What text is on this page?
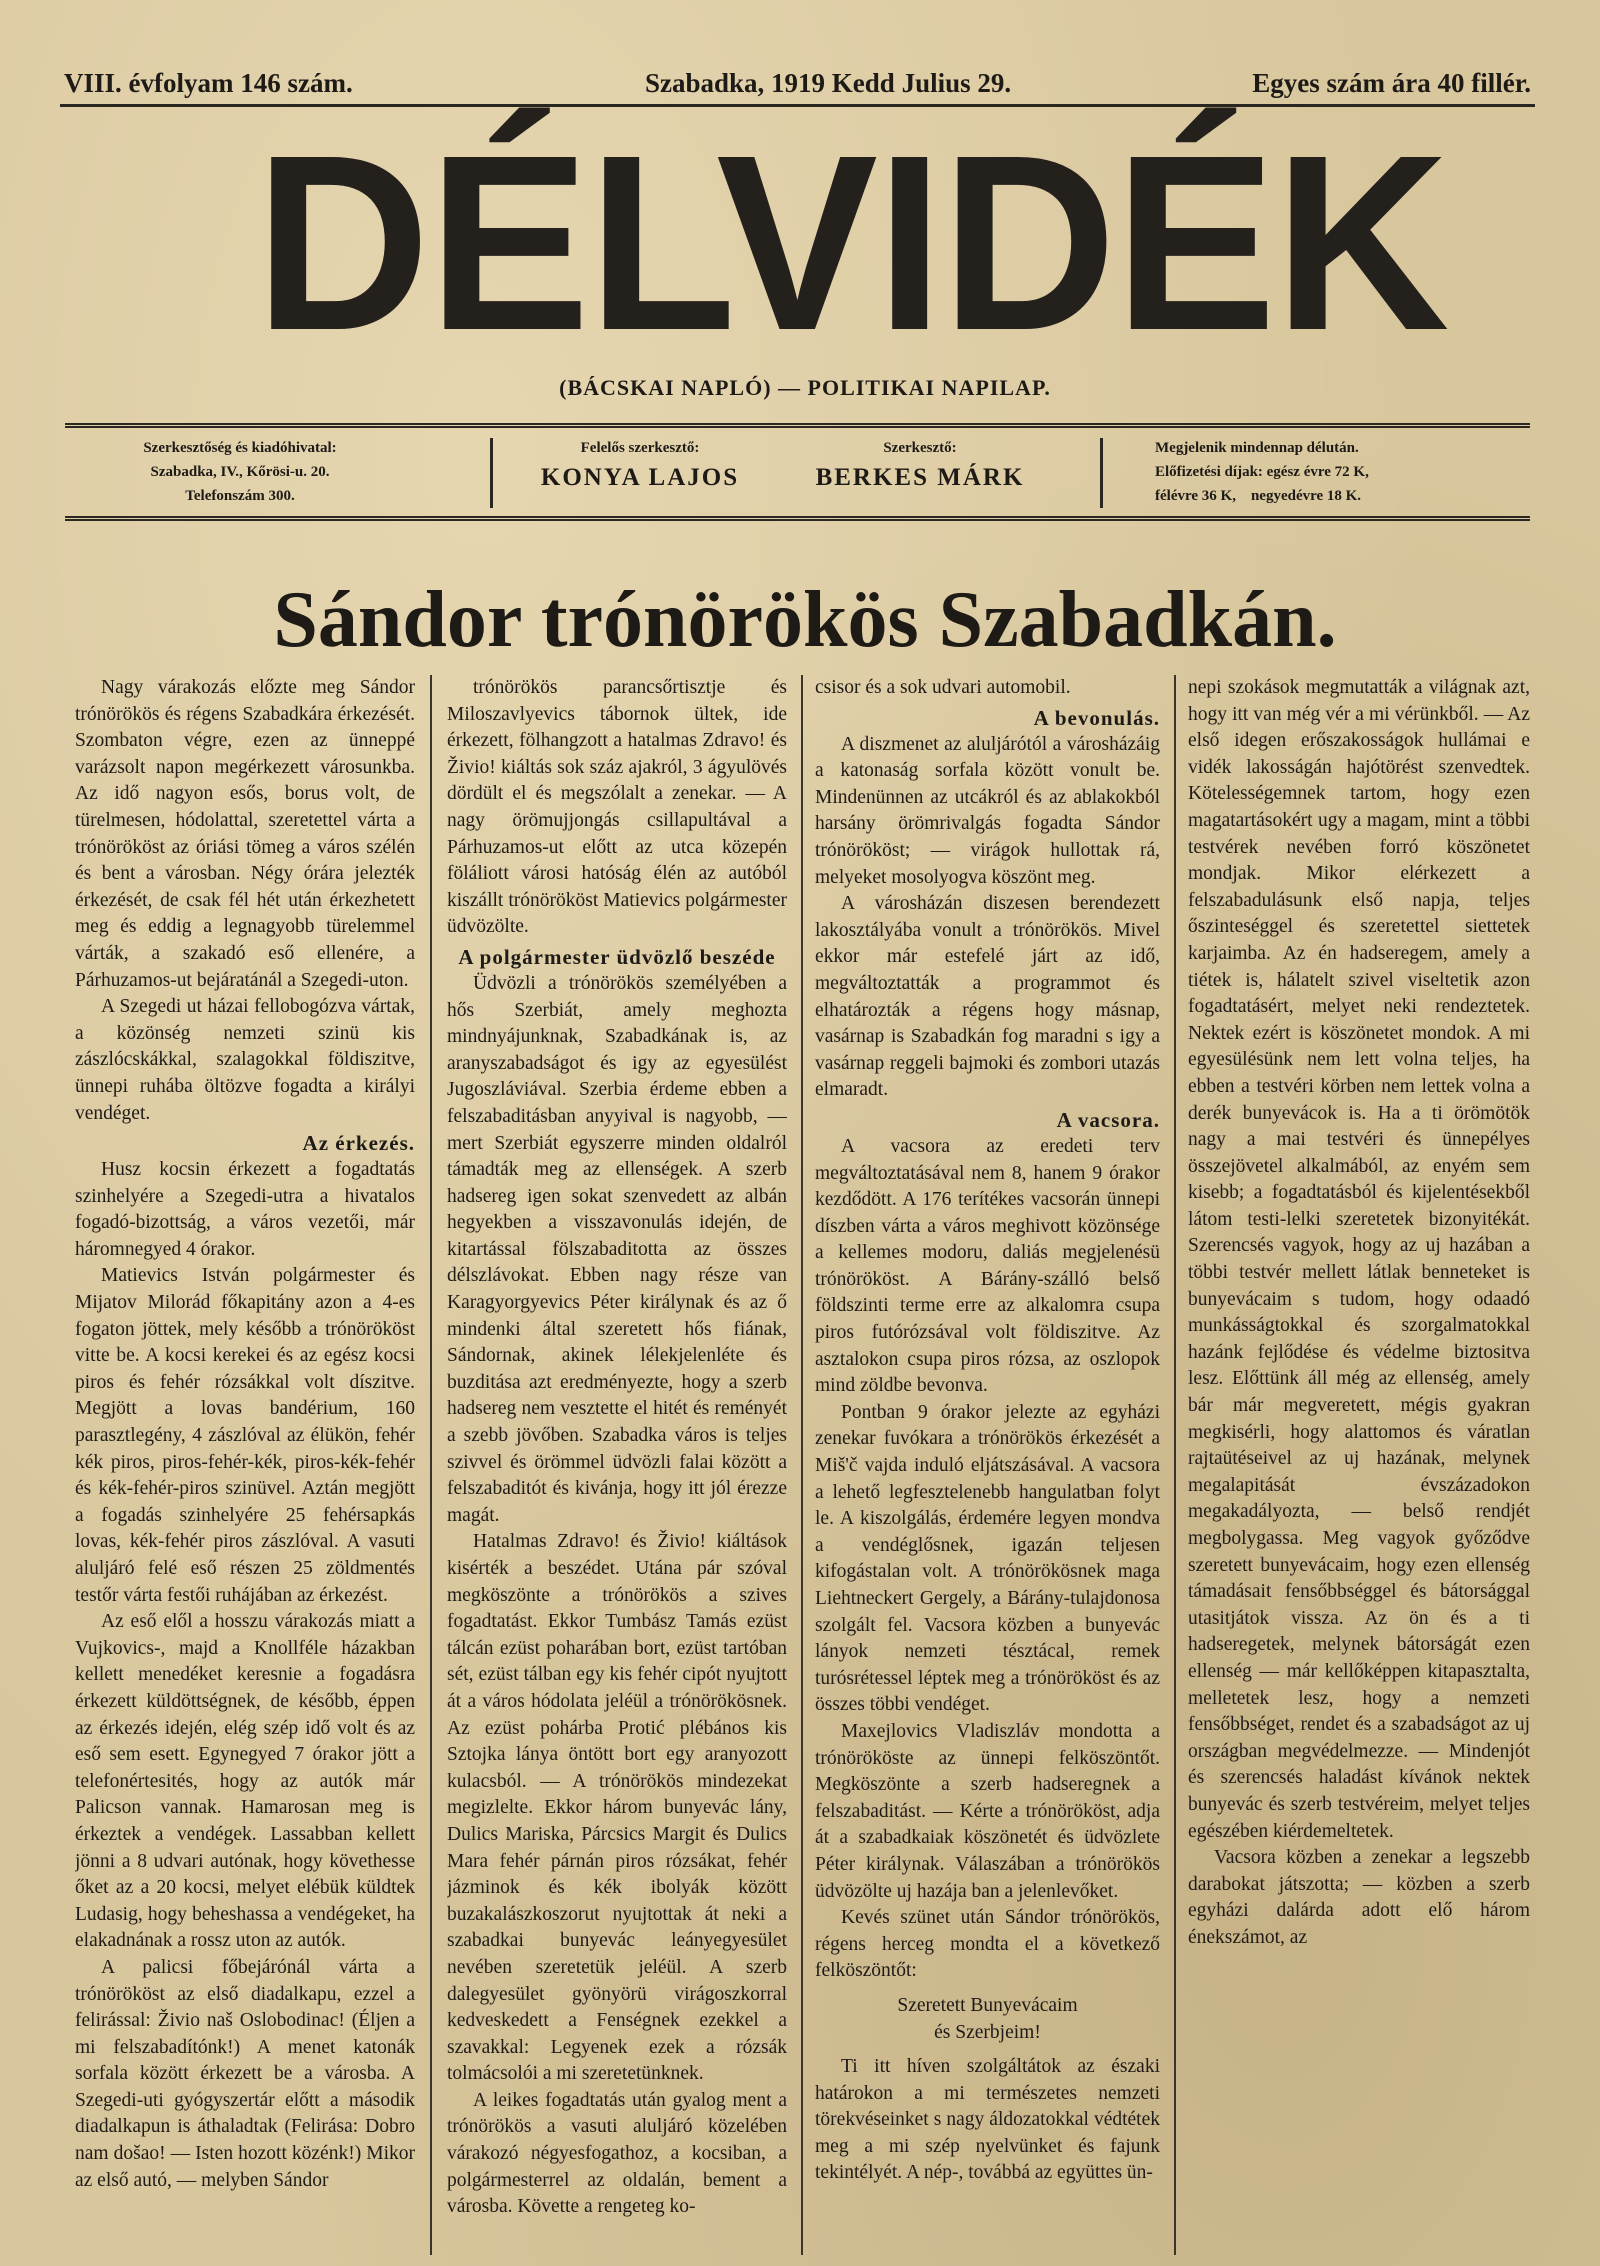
VIII. évfolyam 146 szám.	Szabadka, 1919 Kedd Julius 29.	Egyes szám ára 40 fillér.
DÉLVIDÉK
(BÁCSKAI NAPLÓ) — POLITIKAI NAPILAP.
Szerkesztőség és kiadóhivatal:
Szabadka, IV., Kőrösi-u. 20.
Telefonszám 300.
Felelős szerkesztő:
KONYA LAJOS
Szerkesztő:
BERKES MÁRK
Megjelenik mindennap délután.
Előfizetési díjak: egész évre 72 K,
félévre 36 K,    negyedévre 18 K.
Sándor trónörökös Szabadkán.

Nagy várakozás előzte meg Sándor trónörökös és régens Szabadkára érkezését. Szombaton végre, ezen az ünneppé varázsolt napon megérkezett városunkba. Az idő nagyon esős, borus volt, de türelmesen, hódolattal, szeretettel várta a trónörököst az óriási tömeg a város szélén és bent a városban. Négy órára jelezték érkezését, de csak fél hét után érkezhetett meg és eddig a legnagyobb türelemmel várták, a szakadó eső ellenére, a Párhuzamos-ut bejáratánál a Szegedi-uton.

A Szegedi ut házai fellobogózva vártak, a közönség nemzeti szinü kis zászlócskákkal, szalagokkal földiszitve, ünnepi ruhába öltözve fogadta a királyi vendéget.

Az érkezés.

Husz kocsin érkezett a fogadtatás szinhelyére a Szegedi-utra a hivatalos fogadó-bizottság, a város vezetői, már háromnegyed 4 órakor.

Matievics István polgármester és Mijatov Milorád főkapitány azon a 4-es fogaton jöttek, mely később a trónörököst vitte be. A kocsi kerekei és az egész kocsi piros és fehér rózsákkal volt díszitve. Megjött a lovas bandérium, 160 parasztlegény, 4 zászlóval az élükön, fehér kék piros, piros-fehér-kék, piros-kék-fehér és kék-fehér-piros szinüvel. Aztán megjött a fogadás szinhelyére 25 fehérsapkás lovas, kék-fehér piros zászlóval. A vasuti aluljáró felé eső részen 25 zöldmentés testőr várta festői ruhájában az érkezést.

Az eső elől a hosszu várakozás miatt a Vujkovics-, majd a Knollféle házakban kellett menedéket keresnie a fogadásra érkezett küldöttségnek, de később, éppen az érkezés idején, elég szép idő volt és az eső sem esett. Egynegyed 7 órakor jött a telefonértesités, hogy az autók már Palicson vannak. Hamarosan meg is érkeztek a vendégek. Lassabban kellett jönni a 8 udvari autónak, hogy követhesse őket az a 20 kocsi, melyet elébük küldtek Ludasig, hogy beheshassa a vendégeket, ha elakadnának a rossz uton az autók.

A palicsi főbejárónál várta a trónörököst az első diadalkapu, ezzel a felirással: Živio naš Oslobodinac! (Éljen a mi felszabadítónk!) A menet katonák sorfala között érkezett be a városba. A Szegedi-uti gyógyszertár előtt a második diadalkapun is áthaladtak (Felirása: Dobro nam došao! — Isten hozott közénk!) Mikor az első autó, — melyben Sándor

trónörökös parancsőrtisztje és Miloszavlyevics tábornok ültek, ide érkezett, fölhangzott a hatalmas Zdravo! és Živio! kiáltás sok száz ajakról, 3 ágyulövés dördült el és megszólalt a zenekar. — A nagy örömujjongás csillapultával a Párhuzamos-ut előtt az utca közepén föláliott városi hatóság élén az autóból kiszállt trónörököst Matievics polgármester üdvözölte.

A polgármester üdvözlő beszéde

Üdvözli a trónörökös személyében a hős Szerbiát, amely meghozta mindnyájunknak, Szabadkának is, az aranyszabadságot és igy az egyesülést Jugoszláviával. Szerbia érdeme ebben a felszabaditásban anyyival is nagyobb, — mert Szerbiát egyszerre minden oldalról támadták meg az ellenségek. A szerb hadsereg igen sokat szenvedett az albán hegyekben a visszavonulás idején, de kitartással fölszabaditotta az összes délszlávokat. Ebben nagy része van Karagyorgyevics Péter királynak és az ő mindenki által szeretett hős fiának, Sándornak, akinek lélekjelenléte és buzditása azt eredményezte, hogy a szerb hadsereg nem vesztette el hitét és reményét a szebb jövőben. Szabadka város is teljes szivvel és örömmel üdvözli falai között a felszabaditót és kivánja, hogy itt jól érezze magát.

Hatalmas Zdravo! és Živio! kiáltások kisérték a beszédet. Utána pár szóval megköszönte a trónörökös a szives fogadtatást. Ekkor Tumbász Tamás ezüst tálcán ezüst poharában bort, ezüst tartóban sét, ezüst tálban egy kis fehér cipót nyujtott át a város hódolata jeléül a trónörökösnek. Az ezüst pohárba Protić plébános kis Sztojka lánya öntött bort egy aranyozott kulacsból. — A trónörökös mindezekat megizlelte. Ekkor három bunyevác lány, Dulics Mariska, Párcsics Margit és Dulics Mara fehér párnán piros rózsákat, fehér jázminok és kék ibolyák között buzakalászkoszorut nyujtottak át neki a szabadkai bunyevác leányegyesület nevében szeretetük jeléül. A szerb dalegyesület gyönyörü virágoszkorral kedveskedett a Fenségnek ezekkel a szavakkal: Legyenek ezek a rózsák tolmácsolói a mi szeretetünknek.

A leikes fogadtatás után gyalog ment a trónörökös a vasuti aluljáró közelében várakozó négyesfogathoz, a kocsiban, a polgármesterrel az oldalán, bement a városba. Követte a rengeteg ko-

csisor és a sok udvari automobil.

A bevonulás.

A diszmenet az aluljárótól a városházáig a katonaság sorfala között vonult be. Mindenünnen az utcákról és az ablakokból harsány örömrivalgás fogadta Sándor trónörököst; — virágok hullottak rá, melyeket mosolyogva köszönt meg.

A városházán diszesen berendezett lakosztályába vonult a trónörökös. Mivel ekkor már estefelé járt az idő, megváltoztatták a programmot és elhatározták a régens hogy másnap, vasárnap is Szabadkán fog maradni s igy a vasárnap reggeli bajmoki és zombori utazás elmaradt.

A vacsora.

A vacsora az eredeti terv megváltoztatásával nem 8, hanem 9 órakor kezdődött. A 176 terítékes vacsorán ünnepi díszben várta a város meghivott közönsége a kellemes modoru, daliás megjelenésü trónörököst. A Bárány-szálló belső földszinti terme erre az alkalomra csupa piros futórózsával volt földiszitve. Az asztalokon csupa piros rózsa, az oszlopok mind zöldbe bevonva.

Pontban 9 órakor jelezte az egyházi zenekar fuvókara a trónörökös érkezését a Miš'č vajda induló eljátszásával. A vacsora a lehető legfesztelenebb hangulatban folyt le. A kiszolgálás, érdemére legyen mondva a vendéglősnek, igazán teljesen kifogástalan volt. A trónörökösnek maga Liehtneckert Gergely, a Bárány-tulajdonosa szolgált fel. Vacsora közben a bunyevác lányok nemzeti tésztácal, remek turósrétessel léptek meg a trónörököst és az összes többi vendéget.

Maxejlovics Vladiszláv mondotta a trónörököste az ünnepi felköszöntőt. Megköszönte a szerb hadseregnek a felszabaditást. — Kérte a trónörököst, adja át a szabadkaiak köszönetét és üdvözlete Péter királynak. Válaszában a trónörökös üdvözölte uj hazája ban a jelenlevőket.

Kevés szünet után Sándor trónörökös, régens herceg mondta el a következő felköszöntőt:

Szeretett Bunyevácaim

és Szerbjeim!

Ti itt híven szolgáltátok az északi határokon a mi természetes nemzeti törekvéseinket s nagy áldozatokkal védtétek meg a mi szép nyelvünket és fajunk tekintélyét. A nép-, továbbá az együttes ün-

nepi szokások megmutatták a világnak azt, hogy itt van még vér a mi vérünkből. — Az első idegen erőszakosságok hullámai e vidék lakosságán hajótörést szenvedtek. Kötelességemnek tartom, hogy ezen magatartásokért ugy a magam, mint a többi testvérek nevében forró köszönetet mondjak. Mikor elérkezett a felszabadulásunk első napja, teljes őszinteséggel és szeretettel siettetek karjaimba. Az én hadseregem, amely a tiétek is, hálatelt szivel viseltetik azon fogadtatásért, melyet neki rendeztetek. Nektek ezért is köszönetet mondok. A mi egyesülésünk nem lett volna teljes, ha ebben a testvéri körben nem lettek volna a derék bunyevácok is. Ha a ti örömötök nagy a mai testvéri és ünnepélyes összejövetel alkalmából, az enyém sem kisebb; a fogadtatásból és kijelentésekből látom testi-lelki szeretetek bizonyitékát. Szerencsés vagyok, hogy az uj hazában a többi testvér mellett látlak benneteket is bunyevácaim s tudom, hogy odaadó munkásságtokkal és szorgalmatokkal hazánk fejlődése és védelme biztositva lesz. Előttünk áll még az ellenség, amely bár már megveretett, mégis gyakran megkisérli, hogy alattomos és váratlan rajtaütéseivel az uj hazának, melynek megalapitását évszázadokon megakadályozta, — belső rendjét megbolygassa. Meg vagyok győződve szeretett bunyevácaim, hogy ezen ellenség támadásait fensőbbséggel és bátorsággal utasitjátok vissza. Az ön és a ti hadseregetek, melynek bátorságát ezen ellenség — már kellőképpen kitapasztalta, melletetek lesz, hogy a nemzeti fensőbbséget, rendet és a szabadságot az uj országban megvédelmezze. — Mindenjót és szerencsés haladást kívánok nektek bunyevác és szerb testvéreim, melyet teljes egészében kiérdemeltetek.

Vacsora közben a zenekar a legszebb darabokat játszotta; — közben a szerb egyházi dalárda adott elő három énekszámot, az
